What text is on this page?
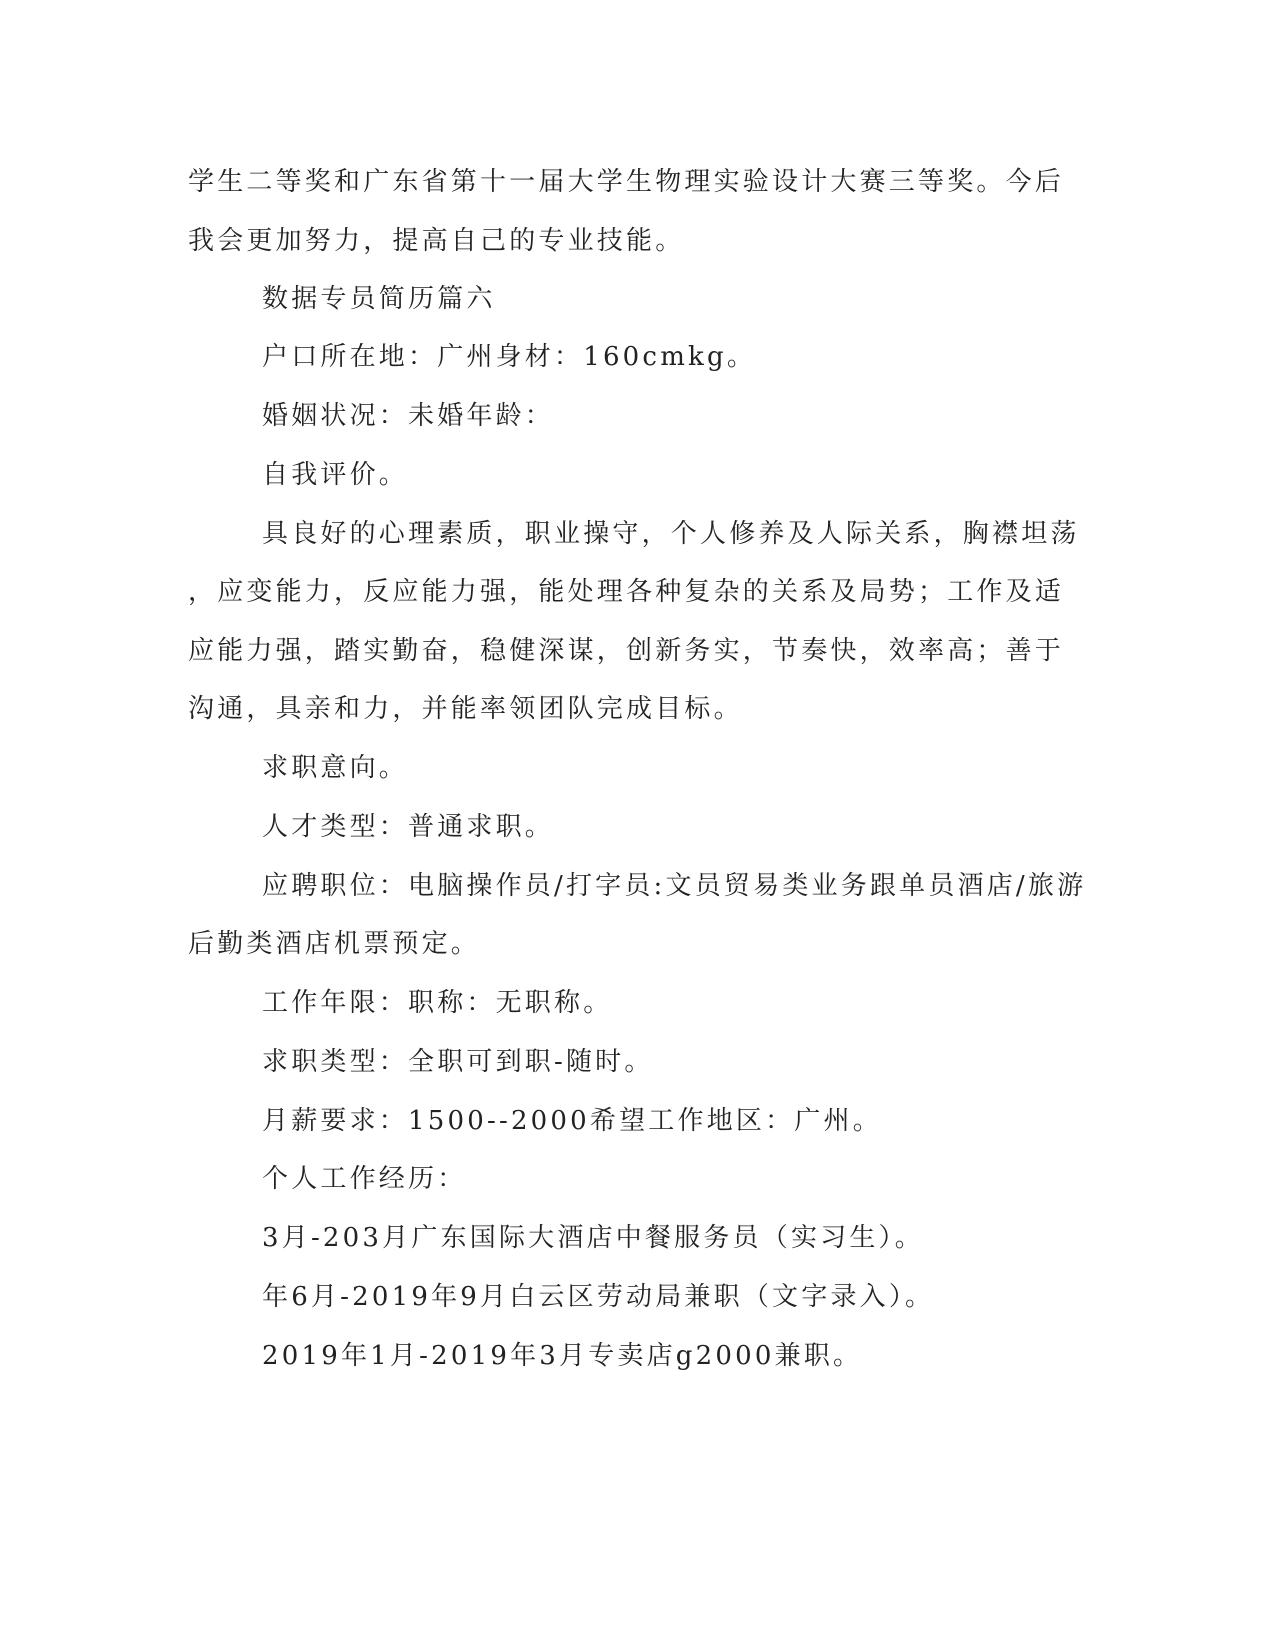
学生二等奖和广东省第十一届大学生物理实验设计大赛三等奖。今后

我会更加努力，提高自己的专业技能。

数据专员简历篇六

户口所在地：广州身材：160cmkg。

婚姻状况：未婚年龄：

自我评价。

具良好的心理素质，职业操守，个人修养及人际关系，胸襟坦荡

，应变能力，反应能力强，能处理各种复杂的关系及局势；工作及适

应能力强，踏实勤奋，稳健深谋，创新务实，节奏快，效率高；善于

沟通，具亲和力，并能率领团队完成目标。

求职意向。

人才类型：普通求职。

应聘职位：电脑操作员/打字员:文员贸易类业务跟单员酒店/旅游

后勤类酒店机票预定。

工作年限：职称：无职称。

求职类型：全职可到职-随时。

月薪要求：1500--2000希望工作地区：广州。

个人工作经历：

3月-203月广东国际大酒店中餐服务员（实习生）。

年6月-2019年9月白云区劳动局兼职（文字录入）。

2019年1月-2019年3月专卖店g2000兼职。
